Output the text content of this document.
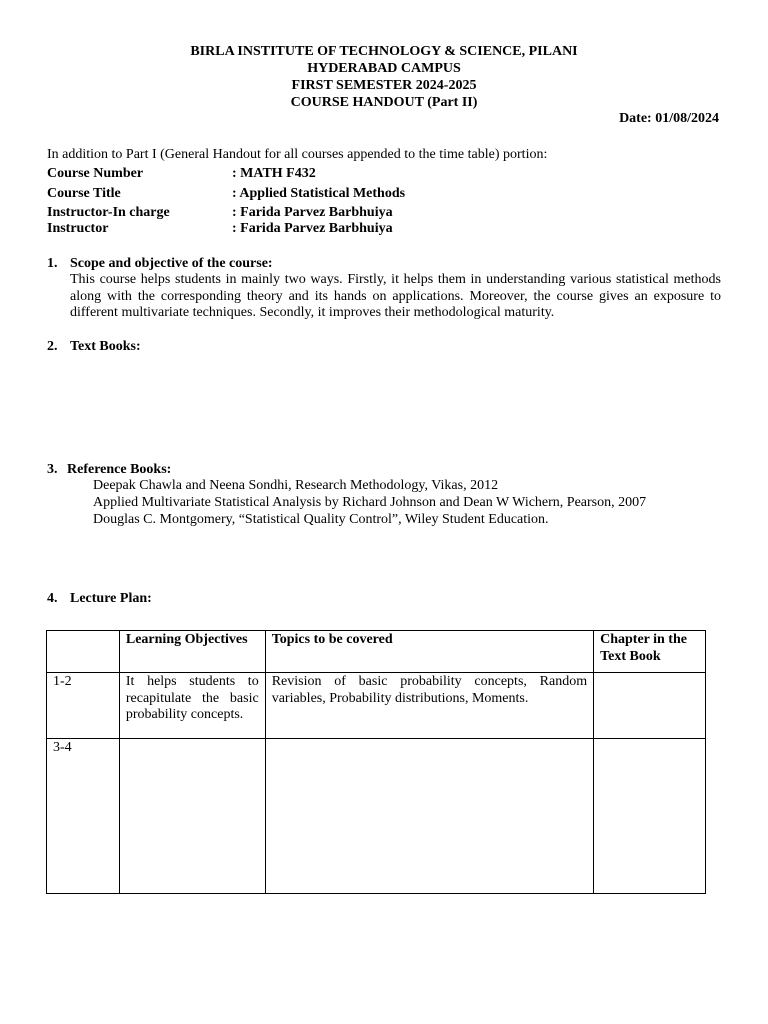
BIRLA INSTITUTE OF TECHNOLOGY & SCIENCE, PILANI
HYDERABAD CAMPUS
FIRST SEMESTER 2024-2025
COURSE HANDOUT (Part II)
Date: 01/08/2024
In addition to Part I (General Handout for all courses appended to the time table) portion:
Course Number	: MATH F432
Course Title	: Applied Statistical Methods
Instructor-In charge	: Farida Parvez Barbhuiya
Instructor	: Farida Parvez Barbhuiya
1. Scope and objective of the course:
This course helps students in mainly two ways. Firstly, it helps them in understanding various statistical methods along with the corresponding theory and its hands on applications. Moreover, the course gives an exposure to different multivariate techniques. Secondly, it improves their methodological maturity.
2. Text Books:
3. Reference Books:
Deepak Chawla and Neena Sondhi, Research Methodology, Vikas, 2012
Applied Multivariate Statistical Analysis by Richard Johnson and Dean W Wichern, Pearson, 2007
Douglas C. Montgomery, “Statistical Quality Control”, Wiley Student Education.
4. Lecture Plan:
	Learning Objectives	Topics to be covered	Chapter in the Text Book
1-2	It helps students to recapitulate the basic probability concepts.	Revision of basic probability concepts, Random variables, Probability distributions, Moments.	
3-4			
